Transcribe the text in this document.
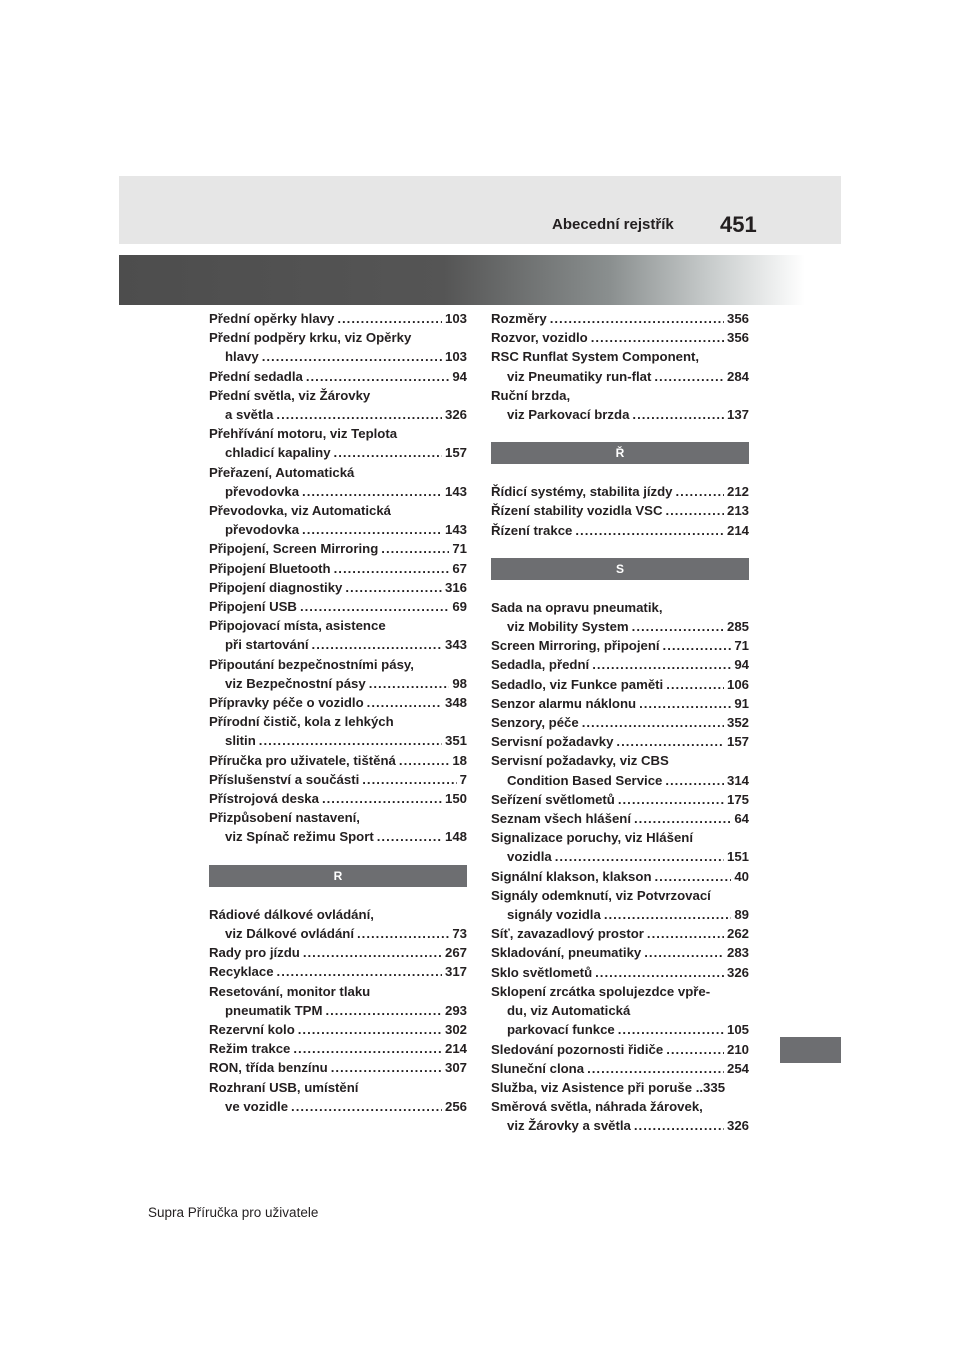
Abecední rejstřík 451
Přední opěrky hlavy .....	103
Přední podpěry krku, viz Opěrky
hlavy .....	103
Přední sedadla .....	94
Přední světla, viz Žárovky
a světla .....	326
Přehřívání motoru, viz Teplota
chladicí kapaliny .....	157
Přeřazení, Automatická
převodovka .....	143
Převodovka, viz Automatická
převodovka .....	143
Připojení, Screen Mirroring .....	71
Připojení Bluetooth .....	67
Připojení diagnostiky .....	316
Připojení USB .....	69
Připojovací místa, asistence
při startování .....	343
Připoutání bezpečnostními pásy,
viz Bezpečnostní pásy .....	98
Přípravky péče o vozidlo .....	348
Přírodní čistič, kola z lehkých
slitin .....	351
Příručka pro uživatele, tištěná .....	18
Příslušenství a součásti .....	7
Přístrojová deska .....	150
Přizpůsobení nastavení,
viz Spínač režimu Sport .....	148
R
Rádiové dálkové ovládání,
viz Dálkové ovládání .....	73
Rady pro jízdu .....	267
Recyklace .....	317
Resetování, monitor tlaku
pneumatik TPM .....	293
Rezervní kolo .....	302
Režim trakce .....	214
RON, třída benzínu .....	307
Rozhraní USB, umístění
ve vozidle .....	256
Rozměry .....	356
Rozvor, vozidlo .....	356
RSC Runflat System Component,
viz Pneumatiky run-flat .....	284
Ruční brzda,
viz Parkovací brzda .....	137
Ř
Řídicí systémy, stabilita jízdy .....	212
Řízení stability vozidla VSC .....	213
Řízení trakce .....	214
S
Sada na opravu pneumatik,
viz Mobility System .....	285
Screen Mirroring, připojení .....	71
Sedadla, přední .....	94
Sedadlo, viz Funkce paměti .....	106
Senzor alarmu náklonu .....	91
Senzory, péče .....	352
Servisní požadavky .....	157
Servisní požadavky, viz CBS
Condition Based Service .....	314
Seřízení světlometů .....	175
Seznam všech hlášení .....	64
Signalizace poruchy, viz Hlášení
vozidla .....	151
Signální klakson, klakson .....	40
Signály odemknutí, viz Potvrzovací
signály vozidla .....	89
Síť, zavazadlový prostor .....	262
Skladování, pneumatiky .....	283
Sklo světlometů .....	326
Sklopení zrcátka spolujezdce vpře-
du, viz Automatická
parkovací funkce .....	105
Sledování pozornosti řidiče .....	210
Sluneční clona .....	254
Služba, viz Asistence při poruše ..335
Směrová světla, náhrada žárovek,
viz Žárovky a světla .....	326
Supra Příručka pro uživatele
